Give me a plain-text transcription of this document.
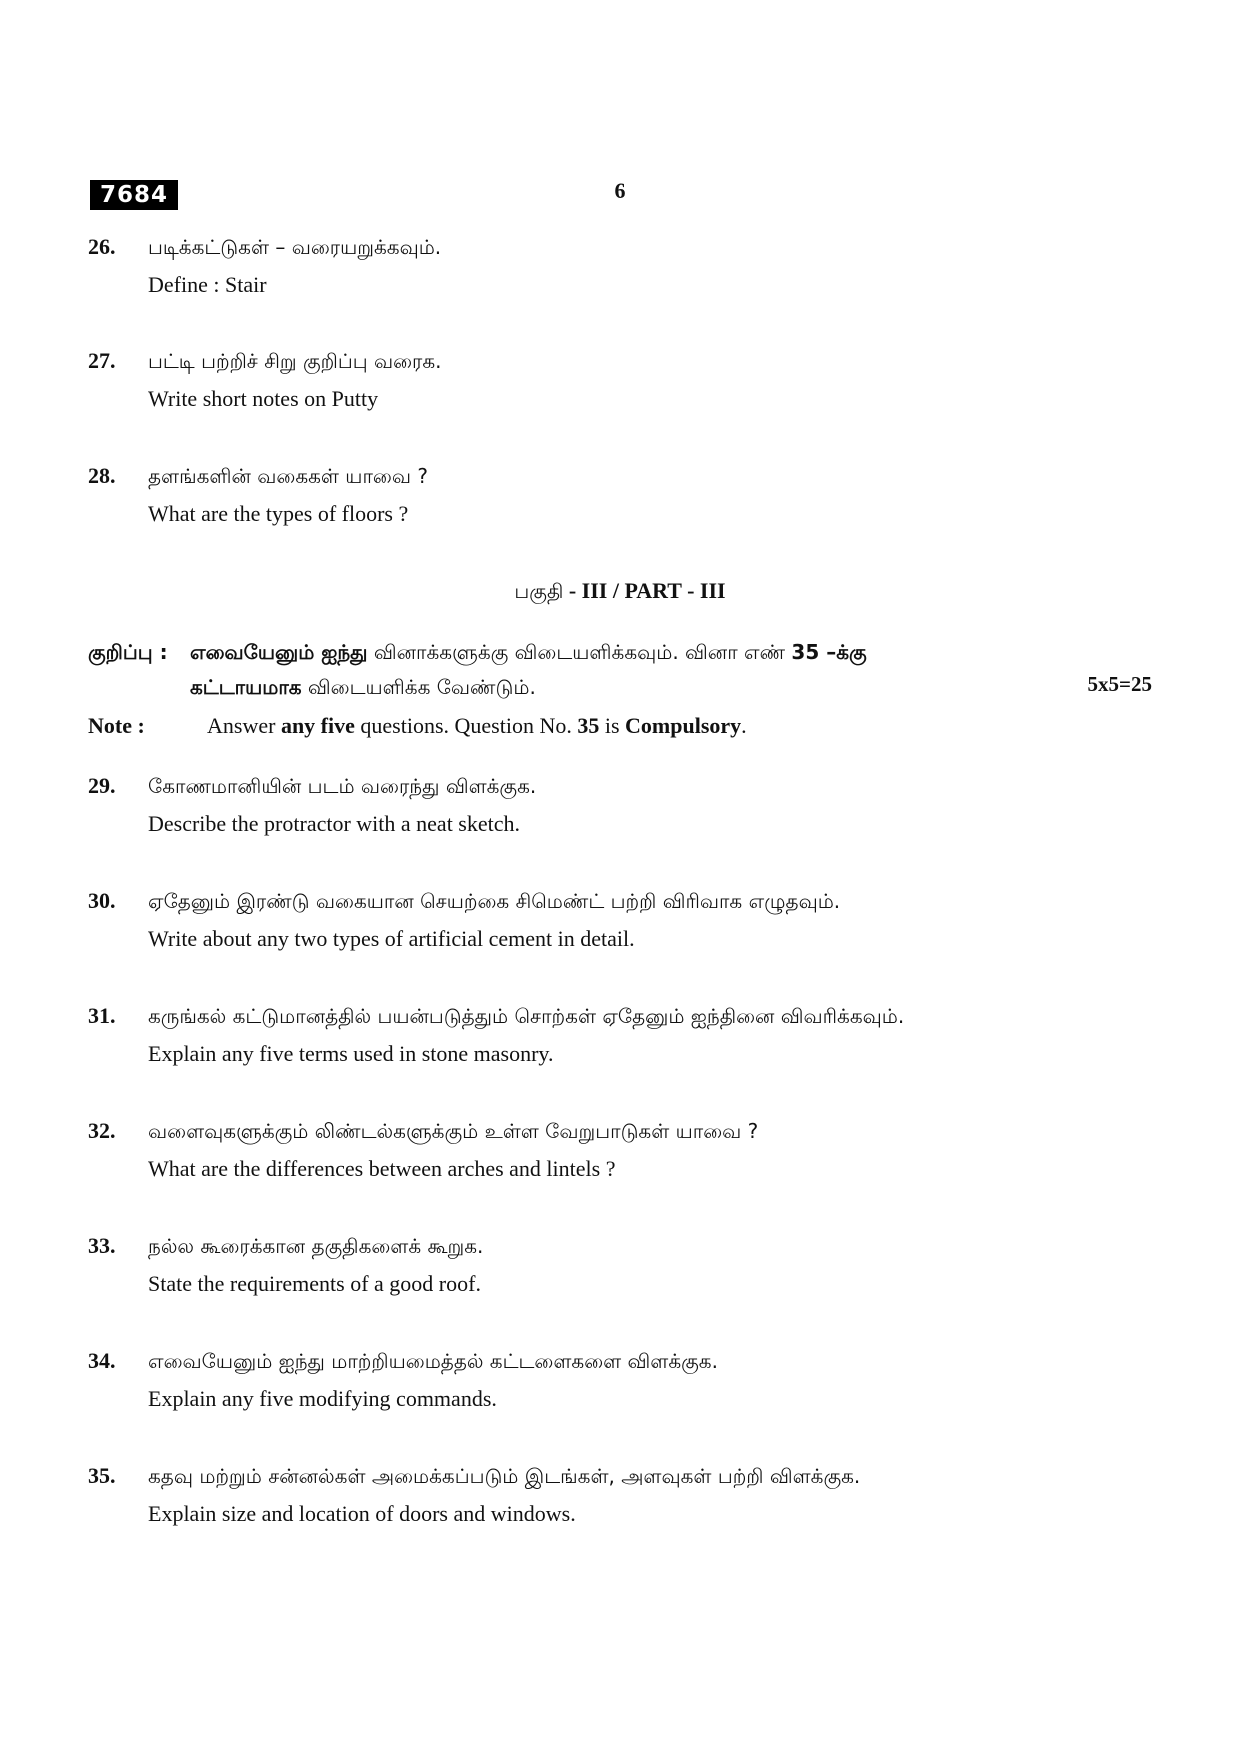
7684	6
26. படிக்கட்டுகள் – வரையறுக்கவும்.
Define : Stair
27. பட்டி பற்றிச் சிறு குறிப்பு வரைக.
Write short notes on Putty
28. தளங்களின் வகைகள் யாவை ?
What are the types of floors ?
பகுதி - III / PART - III
குறிப்பு : எவையேனும் ஐந்து வினாக்களுக்கு விடையளிக்கவும். வினா எண் 35 –க்கு
கட்டாயமாக விடையளிக்க வேண்டும்.	5x5=25
Note :	Answer any five questions. Question No. 35 is Compulsory.
29. கோணமானியின் படம் வரைந்து விளக்குக.
Describe the protractor with a neat sketch.
30. ஏதேனும் இரண்டு வகையான செயற்கை சிமெண்ட் பற்றி விரிவாக எழுதவும்.
Write about any two types of artificial cement in detail.
31. கருங்கல் கட்டுமானத்தில் பயன்படுத்தும் சொற்கள் ஏதேனும் ஐந்தினை விவரிக்கவும்.
Explain any five terms used in stone masonry.
32. வளைவுகளுக்கும் லிண்டல்களுக்கும் உள்ள வேறுபாடுகள் யாவை ?
What are the differences between arches and lintels ?
33. நல்ல கூரைக்கான தகுதிகளைக் கூறுக.
State the requirements of a good roof.
34. எவையேனும் ஐந்து மாற்றியமைத்தல் கட்டளைகளை விளக்குக.
Explain any five modifying commands.
35. கதவு மற்றும் சன்னல்கள் அமைக்கப்படும் இடங்கள், அளவுகள் பற்றி விளக்குக.
Explain size and location of doors and windows.
